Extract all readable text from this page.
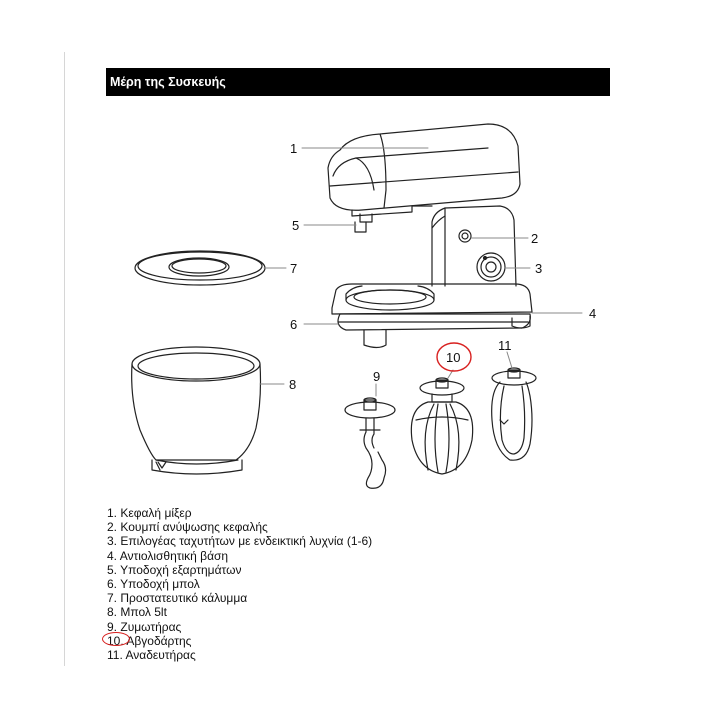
Μέρη της Συσκευής
1
2
3
4
5
6
7
8
9
10
11
1. Κεφαλή μίξερ
2. Κουμπί ανύψωσης κεφαλής
3. Επιλογέας ταχυτήτων με ενδεικτική λυχνία (1-6)
4. Αντιολισθητική βάση
5. Υποδοχή εξαρτημάτων
6. Υποδοχή μπολ
7. Προστατευτικό κάλυμμα
8. Μπολ 5lt
9. Ζυμωτήρας
10. Αβγοδάρτης
11. Αναδευτήρας
